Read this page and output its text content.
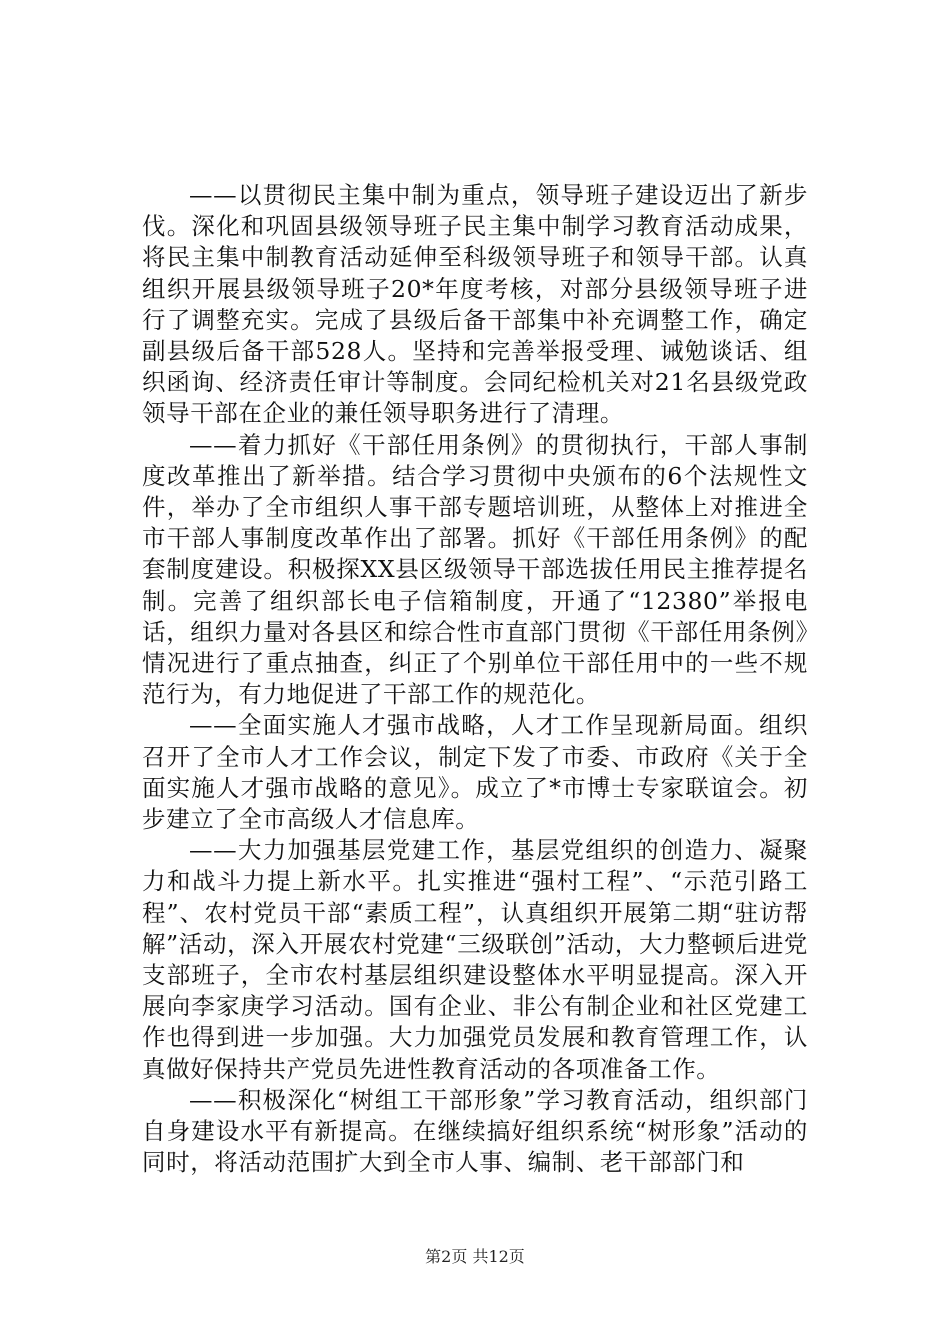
——以贯彻民主集中制为重点，领导班子建设迈出了新步伐。深化和巩固县级领导班子民主集中制学习教育活动成果，将民主集中制教育活动延伸至科级领导班子和领导干部。认真组织开展县级领导班子20*年度考核，对部分县级领导班子进行了调整充实。完成了县级后备干部集中补充调整工作，确定副县级后备干部528人。坚持和完善举报受理、诫勉谈话、组织函询、经济责任审计等制度。会同纪检机关对21名县级党政领导干部在企业的兼任领导职务进行了清理。

——着力抓好《干部任用条例》的贯彻执行，干部人事制度改革推出了新举措。结合学习贯彻中央颁布的6个法规性文件，举办了全市组织人事干部专题培训班，从整体上对推进全市干部人事制度改革作出了部署。抓好《干部任用条例》的配套制度建设。积极探XX县区级领导干部选拔任用民主推荐提名制。完善了组织部长电子信箱制度，开通了“12380”举报电话，组织力量对各县区和综合性市直部门贯彻《干部任用条例》情况进行了重点抽查，纠正了个别单位干部任用中的一些不规范行为，有力地促进了干部工作的规范化。

——全面实施人才强市战略，人才工作呈现新局面。组织召开了全市人才工作会议，制定下发了市委、市政府《关于全面实施人才强市战略的意见》。成立了*市博士专家联谊会。初步建立了全市高级人才信息库。

——大力加强基层党建工作，基层党组织的创造力、凝聚力和战斗力提上新水平。扎实推进“强村工程”、“示范引路工程”、农村党员干部“素质工程”，认真组织开展第二期“驻访帮解”活动，深入开展农村党建“三级联创”活动，大力整顿后进党支部班子，全市农村基层组织建设整体水平明显提高。深入开展向李家庚学习活动。国有企业、非公有制企业和社区党建工作也得到进一步加强。大力加强党员发展和教育管理工作，认真做好保持共产党员先进性教育活动的各项准备工作。

——积极深化“树组工干部形象”学习教育活动，组织部门自身建设水平有新提高。在继续搞好组织系统“树形象”活动的同时，将活动范围扩大到全市人事、编制、老干部部门和

第2页 共12页
